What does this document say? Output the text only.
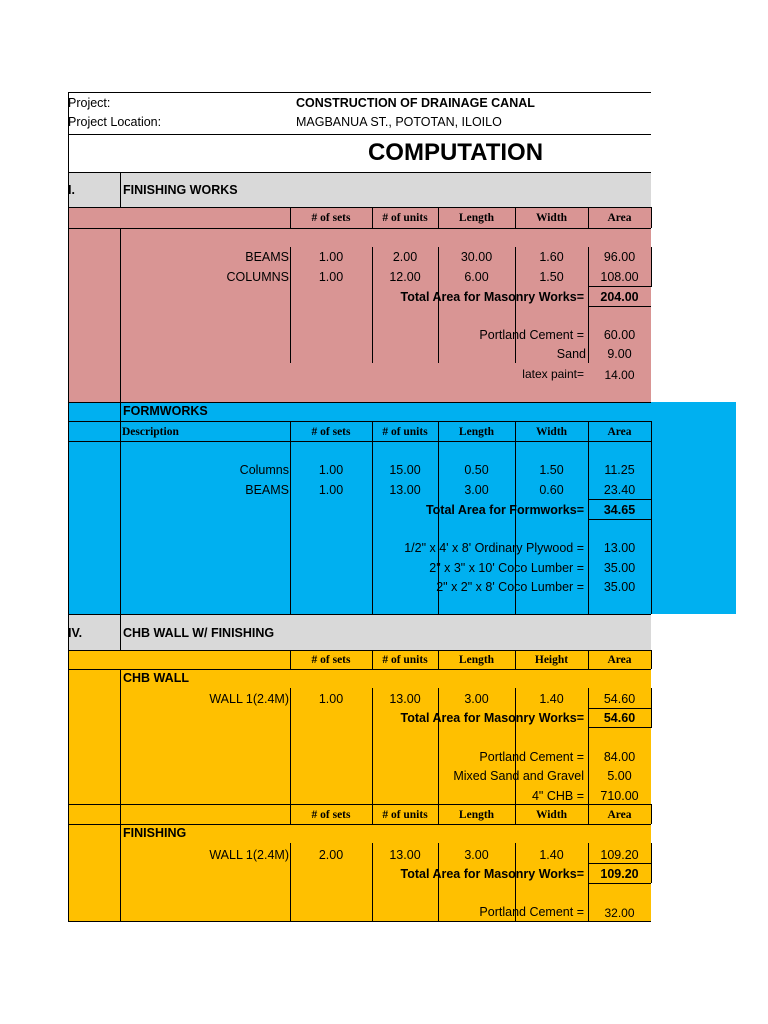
Project:	CONSTRUCTION OF DRAINAGE CANAL
Project Location:	MAGBANUA ST., POTOTAN, ILOILO
COMPUTATION
I.	FINISHING WORKS
# of sets	# of units	Length	Width	Area
BEAMS	1.00	2.00	30.00	1.60	96.00
COLUMNS	1.00	12.00	6.00	1.50	108.00
Total Area for Masonry Works=	204.00
Portland Cement =	60.00
Sand	9.00
latex paint=	14.00
FORMWORKS
Description	# of sets	# of units	Length	Width	Area
Columns	1.00	15.00	0.50	1.50	11.25
BEAMS	1.00	13.00	3.00	0.60	23.40
Total Area for Formworks=	34.65
1/2" x 4' x 8' Ordinary Plywood =	13.00
2" x 3" x 10' Coco Lumber =	35.00
2" x 2" x 8' Coco Lumber =	35.00
IV.	CHB WALL W/ FINISHING
# of sets	# of units	Length	Height	Area
CHB WALL
WALL 1(2.4M)	1.00	13.00	3.00	1.40	54.60
Total Area for Masonry Works=	54.60
Portland Cement =	84.00
Mixed Sand and Gravel	5.00
4" CHB =	710.00
# of sets	# of units	Length	Width	Area
FINISHING
WALL 1(2.4M)	2.00	13.00	3.00	1.40	109.20
Total Area for Masonry Works=	109.20
Portland Cement =	32.00
